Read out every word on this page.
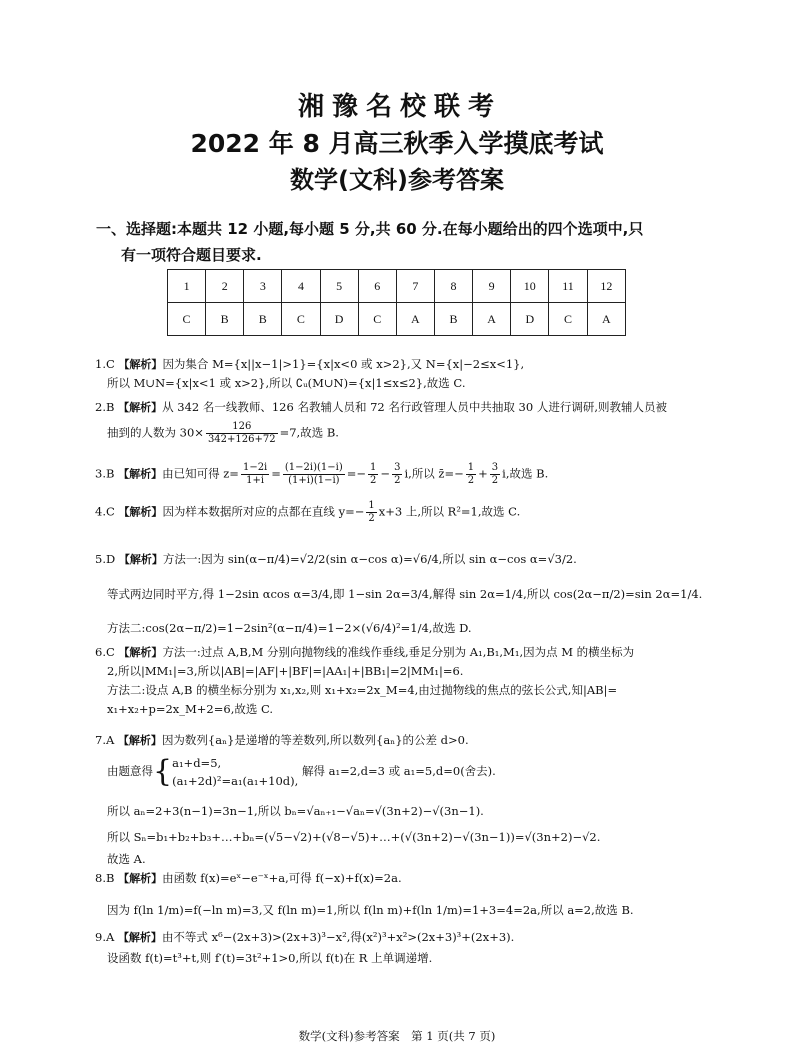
湘豫名校联考
2022 年 8 月高三秋季入学摸底考试
数学(文科)参考答案
一、选择题:本题共 12 小题,每小题 5 分,共 60 分.在每小题给出的四个选项中,只
有一项符合题目要求.
1	2	3	4	5	6	7	8	9	10	11	12
C	B	B	C	D	C	A	B	A	D	C	A
1.C 【解析】因为集合 M={x||x−1|>1}={x|x<0 或 x>2},又 N={x|−2≤x<1},
所以 M∪N={x|x<1 或 x>2},所以 ∁ᵤ(M∪N)={x|1≤x≤2},故选 C.
2.B 【解析】从 342 名一线教师、126 名教辅人员和 72 名行政管理人员中共抽取 30 人进行调研,则教辅人员被
抽到的人数为 $30\times \frac{126}{342+126+72} =7$,故选 B.
3.B 【解析】由已知可得 $z= \frac{1-2i}{1+i} = \frac{(1-2i)(1-i)}{(1+i)(1-i)} =- \frac{1}{2} - \frac{3}{2} i$,所以 z̄=− $\frac{1}{2} + \frac{3}{2} i$,故选 B.
4.C 【解析】因为样本数据所对应的点都在直线 $y=- \frac{1}{2} x+3$ 上,所以 R²=1,故选 C.
5.D 【解析】方法一:因为 sin(α−π/4)=√2/2(sin α−cos α)=√6/4,所以 sin α−cos α=√3/2.
等式两边同时平方,得 1−2sin αcos α=3/4,即 1−sin 2α=3/4,解得 sin 2α=1/4,所以 cos(2α−π/2)=sin 2α=1/4.
方法二:cos(2α−π/2)=1−2sin²(α−π/4)=1−2×(√6/4)²=1/4,故选 D.
6.C 【解析】方法一:过点 A,B,M 分别向抛物线的准线作垂线,垂足分别为 A₁,B₁,M₁,因为点 M 的横坐标为
2,所以|MM₁|=3,所以|AB|=|AF|+|BF|=|AA₁|+|BB₁|=2|MM₁|=6.
方法二:设点 A,B 的横坐标分别为 x₁,x₂,则 x₁+x₂=2x_M=4,由过抛物线的焦点的弦长公式,知|AB|=
x₁+x₂+p=2x_M+2=6,故选 C.
7.A 【解析】因为数列{aₙ}是递增的等差数列,所以数列{aₙ}的公差 d>0.
由题意得{ a₁+d=5,
(a₁+2d)²=a₁(a₁+10d),
解得 a₁=2,d=3 或 a₁=5,d=0(舍去).
所以 aₙ=2+3(n−1)=3n−1,所以 bₙ=√aₙ₊₁−√aₙ=√(3n+2)−√(3n−1).
所以 Sₙ=b₁+b₂+b₃+…+bₙ=(√5−√2)+(√8−√5)+…+(√(3n+2)−√(3n−1))=√(3n+2)−√2.
故选 A.
8.B 【解析】由函数 f(x)=eˣ−e⁻ˣ+a,可得 f(−x)+f(x)=2a.
因为 f(ln 1/m)=f(−ln m)=3,又 f(ln m)=1,所以 f(ln m)+f(ln 1/m)=1+3=4=2a,所以 a=2,故选 B.
9.A 【解析】由不等式 x⁶−(2x+3)>(2x+3)³−x²,得(x²)³+x²>(2x+3)³+(2x+3).
设函数 f(t)=t³+t,则 f′(t)=3t²+1>0,所以 f(t)在 R 上单调递增.
数学(文科)参考答案　第 1 页(共 7 页)
